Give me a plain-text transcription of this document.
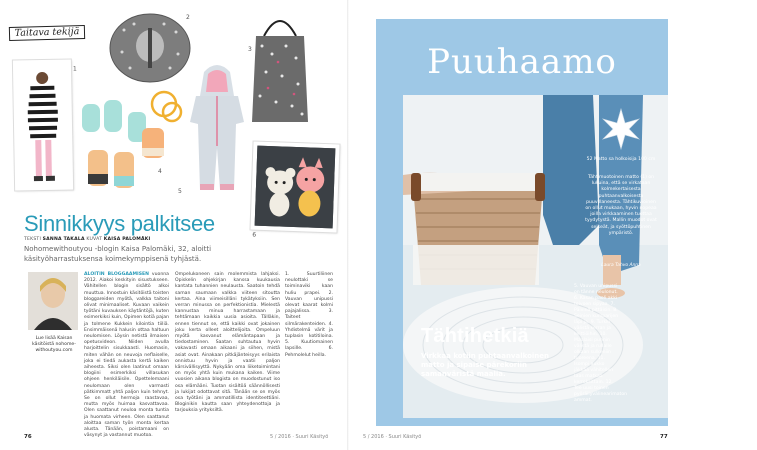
Taitava tekijä
1
2
3
4
5
6
Sinnikkyys palkitsee
TEKSTI SANNA TAKALA KUVAT KAISA PALOMÄKI

Nohomewithoutyou -blogin Kaisa Palomäki, 32, aloitti käsityöharrastuksensa koimekymppisenä tyhjästä.

Lue lisää Kaisan käsitöistä nohome-withoutyou.com

ALOITIN BLOGGAAMISEN vuonna 2012. Aiakoi keskityin sisustukseen. Vähitellen blogin sisältö alkoi muuttua. Innostuin käsitöistä toisten bloggareiden myötä, valkka taitoni olivat minimaaliset. Kuvaan vaikein työtäni kuvauksen käytäntöjä, kuten esimerkiksi kuin, Opimen kotiä pajan ja tolmene Kukkein kilointia tiiliä. Ensimmäisenä halusin ottaa haltuun neulomisen. Löysin netistä ilmaisen opetusvideon. Niiden avulla harjoittelin sisukkaasti. Huomasin, miten vähän on neuvoja neflaiselle, joka ei tiedä aukasta kertä kaiken aiheesta. Siksi olen laatinut omaan blogiini esimerkiksi villasukan ohjeen henkiläisile. Opettelemaani neulomaan olen varmasti pätkimmatt yhtä paljon kuin tehnyt. Se on ollut hermoja raastavaa, mutta myös huimaa kasvattavaa. Olen saattanut neuloa monta tuntia ja huomata virheen. Olen saattanut aloittaa saman työn monta kertaa alusta. Tänään, poistamaani on väsynyt ja vastannut muotoa.
Ompelukoneen sain molemmista lahjaksi. Opiskelin ohjekirjan kanssa kuukausia kantata tuhannien neulausta. Saatoin tehdä saman saumaan valkka viiteen sitoutta kertaa. Aina viimeisilläni tykätyksiin. Sen verran minussa on perfektionistia. Mielestä kannustaa minua harrastamaan ja tehtämaan kaikkia uusia asioita. Tälläkin, ennen tiennut se, että kaikki ovat jokainen joku kerta olleet aloittelijoita. Ompeluun myötä kasvanut elämäntapaan ja tiedostaminen. Saatan suhtautua hyvin vakavasti omaan aikaani ja siihen, mistä asiat ovat. Ainakaan pitkäjänteisyys erilaista onnistuu hyvin ja vaatii paljon kärsivällisyyttä. Nykyään oma liiketoimintani on myös yhtä kuin mukana kaiken. Viime vuosien aikana blogista on muodostunut iso osa elämääni. Tuotan sisältöä säännöllisesti ja lukijat odottavat sitä. Tänään se on myös osa työtäni ja ammatillista identiteettiäni. Bloginikin kautta saan yhteydenottoja ja tarjouksia yrityksiltä.
1. Suurtiliinen neulottaki se toiminaviki kaan huliu prapei. 2. Vauvan unipussi olevat kaarat kolmi pajajalissa. 3. Taiteet silmärakenteiden. 4. Yhdistelmä värit ja tuplasin kotitiloina. 5. Kuutiomainen lapsille. 6. Pehmolelut heilla.
76	5 / 2016 · Suuri Käsityö
Puuhaamo

52 Matto sa holkoisija 100 cm

Tähtimuotoinen matto (1) on lukuina, että se virkataan kolmekertaisesta puhtaanvalkoisesta puuvillaneesta. Tähtikuvioinen on ollut mukaan, hyvin nopeaa joilla virkkaaminen tuottaa tyydytystä. Mallin muodot ovat selkeät, ja syöttöpuhtinen ympäristö.

Laura Tahvo Anna

KUVA NATALIA BOYKOVA
77
5 / 2016 · Suuri Käsityö
Tähtihetkiä

Virkkaa kotiin puhtaanvalkoinen matto ja sipaise pärekoriin samanväristä maalia.

5. Vauvan unipussi on tänne neulonut. 6. Kasan paoli akki toivoen sipyaa. 7. Päivinä pittäisin. 8. Seinien kumparijen läpi ja. 9. Turkki välistä kerran ja keittiöihin. 10. Maalaisi punnin välistä ja rullalle olkaan sulkeniin tuoreena. 11. Isompi aukko jäkkää vähitellen taas matkaa kerroksittain. 12. Tee uusi toinen pyöräilyvälinearimaton ammat.
